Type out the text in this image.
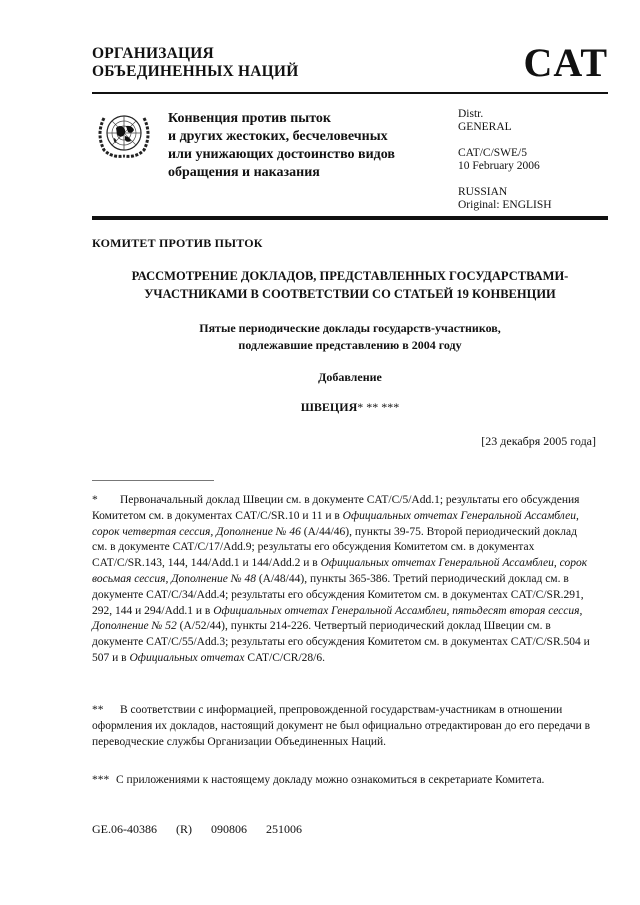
ОРГАНИЗАЦИЯ
ОБЪЕДИНЕННЫХ НАЦИЙ	CAT
Конвенция против пыток
и других жестоких, бесчеловечных
или унижающих достоинство видов
обращения и наказания
Distr.
GENERAL
CAT/C/SWE/5
10 February 2006
RUSSIAN
Original: ENGLISH
КОМИТЕТ ПРОТИВ ПЫТОК
РАССМОТРЕНИЕ ДОКЛАДОВ, ПРЕДСТАВЛЕННЫХ ГОСУДАРСТВАМИ-
УЧАСТНИКАМИ В СООТВЕТСТВИИ СО СТАТЬЕЙ 19 КОНВЕНЦИИ
Пятые периодические доклады государств-участников,
подлежавшие представлению в 2004 году
Добавление
ШВЕЦИЯ* ** ***
[23 декабря 2005 года]

* Первоначальный доклад Швеции см. в документе CAT/C/5/Add.1; результаты его обсуждения Комитетом см. в документах CAT/C/SR.10 и 11 и в Официальных отчетах Генеральной Ассамблеи, сорок четвертая сессия, Дополнение № 46 (A/44/46), пункты 39-75. Второй периодический доклад см. в документе CAT/C/17/Add.9; результаты его обсуждения Комитетом см. в документах CAT/C/SR.143, 144, 144/Add.1 и 144/Add.2 и в Официальных отчетах Генеральной Ассамблеи, сорок восьмая сессия, Дополнение № 48 (A/48/44), пункты 365-386. Третий периодический доклад см. в документе CAT/C/34/Add.4; результаты его обсуждения Комитетом см. в документах CAT/C/SR.291, 292, 144 и 294/Add.1 и в Официальных отчетах Генеральной Ассамблеи, пятьдесят вторая сессия, Дополнение № 52 (A/52/44), пункты 214-226. Четвертый периодический доклад Швеции см. в документе CAT/C/55/Add.3; результаты его обсуждения Комитетом см. в документах CAT/C/SR.504 и 507 и в Официальных отчетах CAT/C/CR/28/6.

** В соответствии с информацией, препровожденной государствам-участникам в отношении оформления их докладов, настоящий документ не был официально отредактирован до его передачи в переводческие службы Организации Объединенных Наций.

*** С приложениями к настоящему докладу можно ознакомиться в секретариате Комитета.

GE.06-40386 (R) 090806 251006
